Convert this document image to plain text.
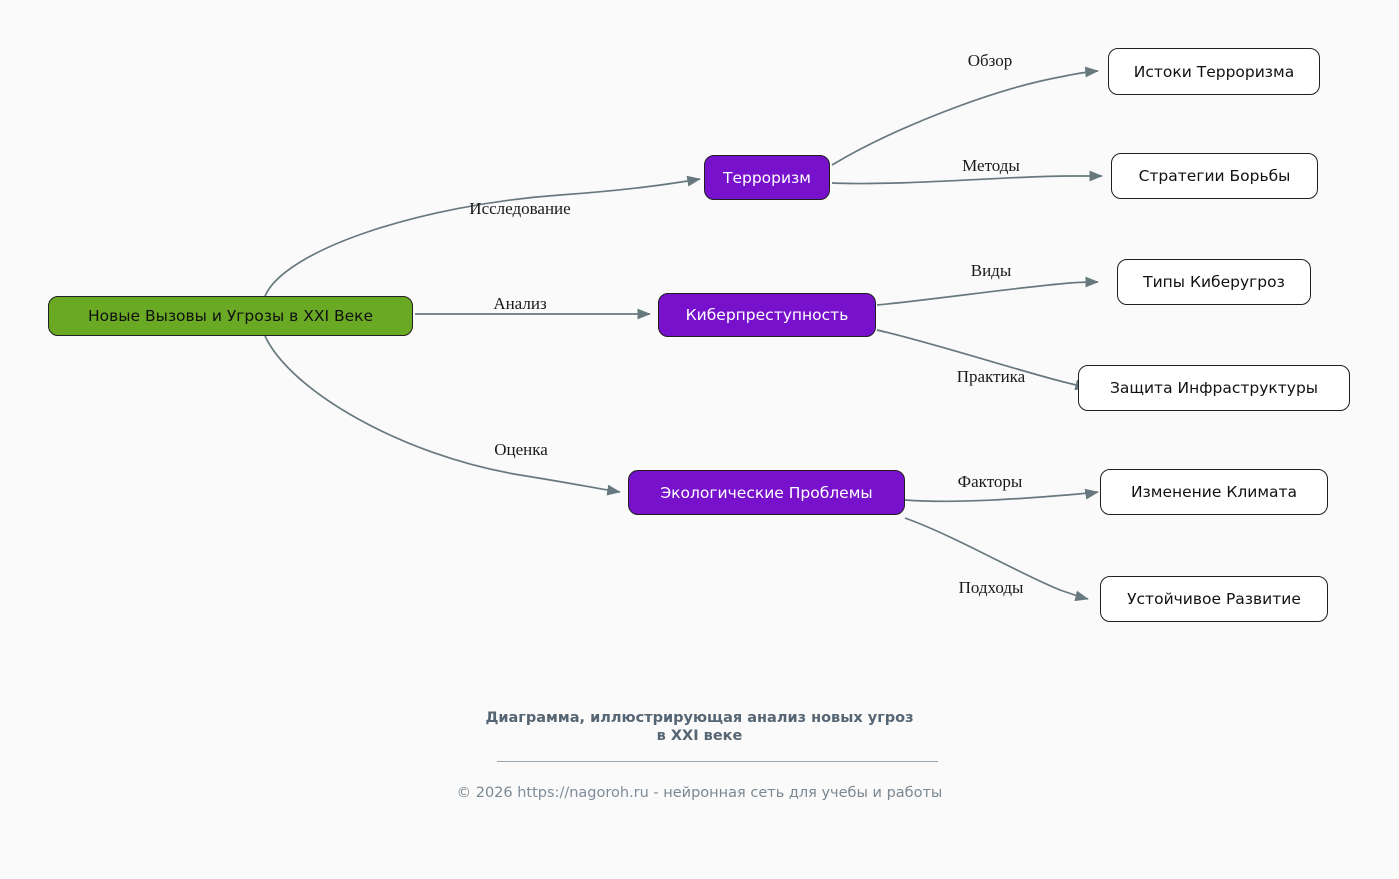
Новые Вызовы и Угрозы в XXI Веке
Терроризм
Киберпреступность
Экологические Проблемы
Истоки Терроризма
Стратегии Борьбы
Типы Киберугроз
Защита Инфраструктуры
Изменение Климата
Устойчивое Развитие
Исследование
Анализ
Оценка
Обзор
Методы
Виды
Практика
Факторы
Подходы
Диаграмма, иллюстрирующая анализ новых угроз
в XXI веке
© 2026 https://nagoroh.ru - нейронная сеть для учебы и работы
